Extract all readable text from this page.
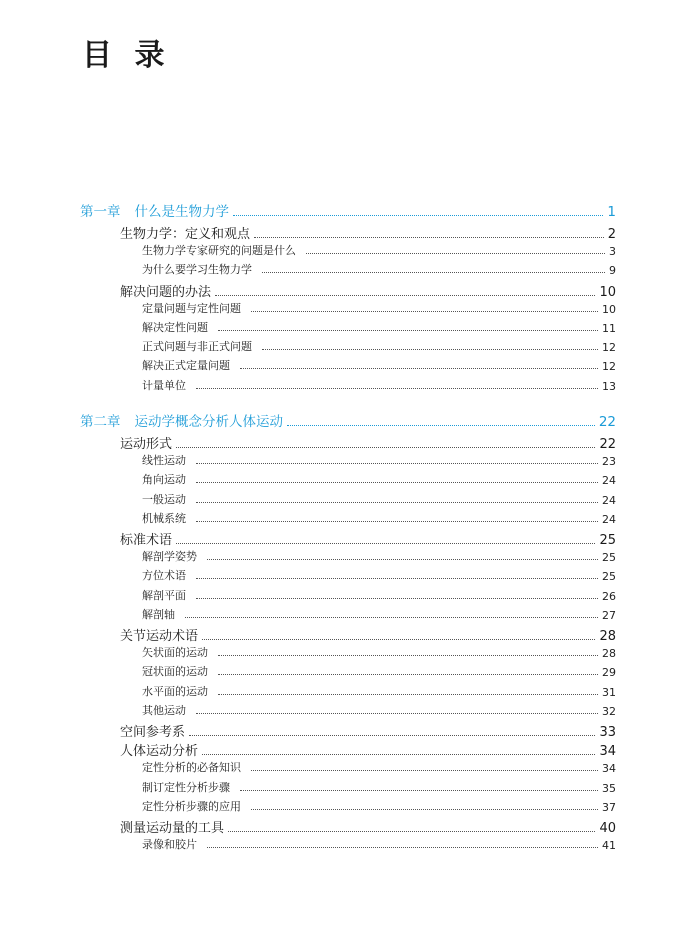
目 录
第一章 什么是生物力学	1
生物力学：定义和观点	2
生物力学专家研究的问题是什么	3
为什么要学习生物力学	9
解决问题的办法	10
定量问题与定性问题	10
解决定性问题	11
正式问题与非正式问题	12
解决正式定量问题	12
计量单位	13
第二章 运动学概念分析人体运动	22
运动形式	22
线性运动	23
角向运动	24
一般运动	24
机械系统	24
标准术语	25
解剖学姿势	25
方位术语	25
解剖平面	26
解剖轴	27
关节运动术语	28
矢状面的运动	28
冠状面的运动	29
水平面的运动	31
其他运动	32
空间参考系	33
人体运动分析	34
定性分析的必备知识	34
制订定性分析步骤	35
定性分析步骤的应用	37
测量运动量的工具	40
录像和胶片	41
